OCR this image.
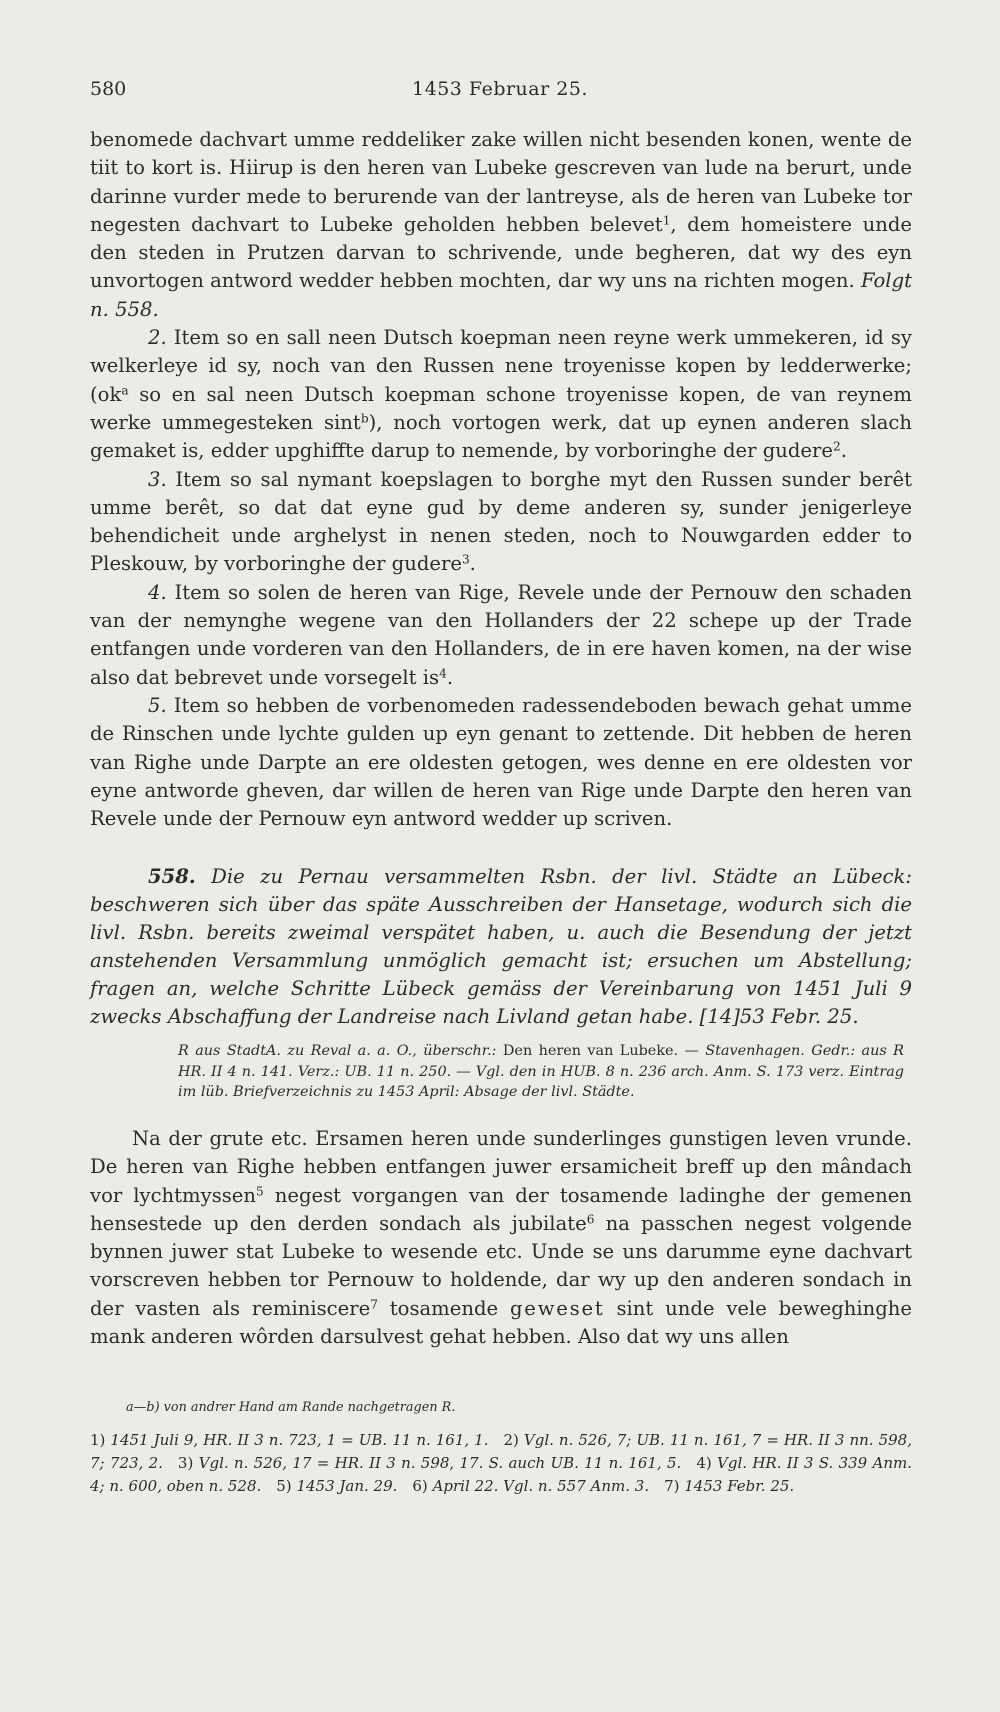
580	1453 Februar 25.

benomede dachvart umme reddeliker zake willen nicht besenden konen, wente de tiit to kort is. Hiirup is den heren van Lubeke gescreven van lude na berurt, unde darinne vurder mede to berurende van der lantreyse, als de heren van Lubeke tor negesten dachvart to Lubeke geholden hebben belevet$^1$, dem homeistere unde den steden in Prutzen darvan to schrivende, unde begheren, dat wy des eyn unvortogen antword wedder hebben mochten, dar wy uns na richten mogen. Folgt n. 558.

2. Item so en sall neen Dutsch koepman neen reyne werk ummekeren, id sy welkerleye id sy, noch van den Russen nene troyenisse kopen by ledderwerke; ($ok^a$ so en sal neen Dutsch koepman schone troyenisse kopen, de van reynem werke ummegesteken sint$^b$), noch vortogen werk, dat up eynen anderen slach gemaket is, edder upghiffte darup to nemende, by vorboringhe der gudere$^2$.

3. Item so sal nymant koepslagen to borghe myt den Russen sunder berêt umme berêt, so dat dat eyne gud by deme anderen sy, sunder jenigerleye behendicheit unde arghelyst in nenen steden, noch to Nouwgarden edder to Pleskouw, by vorboringhe der gudere$^3$.

4. Item so solen de heren van Rige, Revele unde der Pernouw den schaden van der nemynghe wegene van den Hollanders der 22 schepe up der Trade entfangen unde vorderen van den Hollanders, de in ere haven komen, na der wise also dat bebrevet unde vorsegelt $is^4$.

5. Item so hebben de vorbenomeden radessendeboden bewach gehat umme de Rinschen unde lychte gulden up eyn genant to zettende. Dit hebben de heren van Righe unde Darpte an ere oldesten getogen, wes denne en ere oldesten vor eyne antworde gheven, dar willen de heren van Rige unde Darpte den heren van Revele unde der Pernouw eyn antword wedder up scriven.

558. Die zu Pernau versammelten Rsbn. der livl. Städte an Lübeck: beschweren sich über das späte Ausschreiben der Hansetage, wodurch sich die livl. Rsbn. bereits zweimal verspätet haben, u. auch die Besendung der jetzt anstehenden Versammlung unmöglich gemacht ist; ersuchen um Abstellung; fragen an, welche Schritte Lübeck gemäss der Vereinbarung von 1451 Juli 9 zwecks Abschaffung der Landreise nach Livland getan habe. [14]53 Febr. 25.

R aus StadtA. zu Reval a. a. O., überschr.: Den heren van Lubeke. — Stavenhagen. Gedr.: aus R HR. II 4 n. 141. Verz.: UB. 11 n. 250. — Vgl. den in HUB. 8 n. 236 arch. Anm. S. 173 verz. Eintrag im lüb. Briefverzeichnis zu 1453 April: Absage der livl. Städte.

Na der grute etc. Ersamen heren unde sunderlinges gunstigen leven vrunde. De heren van Righe hebben entfangen juwer ersamicheit breff up den mândach vor lychtmyssen$^5$ negest vorgangen van der tosamende ladinghe der gemenen hensestede up den derden sondach als jubilate$^6$ na passchen negest volgende bynnen juwer stat Lubeke to wesende etc. Unde se uns darumme eyne dachvart vorscreven hebben tor Pernouw to holdende, dar wy up den anderen sondach in der vasten als reminiscere$^7$ tosamende geweset sint unde vele beweghinghe mank anderen wôrden darsulvest gehat hebben. Also dat wy uns allen

a—b) von andrer Hand am Rande nachgetragen R.
1) 1451 Juli 9, HR. II 3 n. 723, 1 = UB. 11 n. 161, 1.  2) Vgl. n. 526, 7; UB. 11 n. 161, 7 = HR. II 3 nn. 598, 7; 723, 2.  3) Vgl. n. 526, 17 = HR. II 3 n. 598, 17. S. auch UB. 11 n. 161, 5.  4) Vgl. HR. II 3 S. 339 Anm. 4; n. 600, oben n. 528.  5) 1453 Jan. 29.  6) April 22. Vgl. n. 557 Anm. 3.  7) 1453 Febr. 25.
